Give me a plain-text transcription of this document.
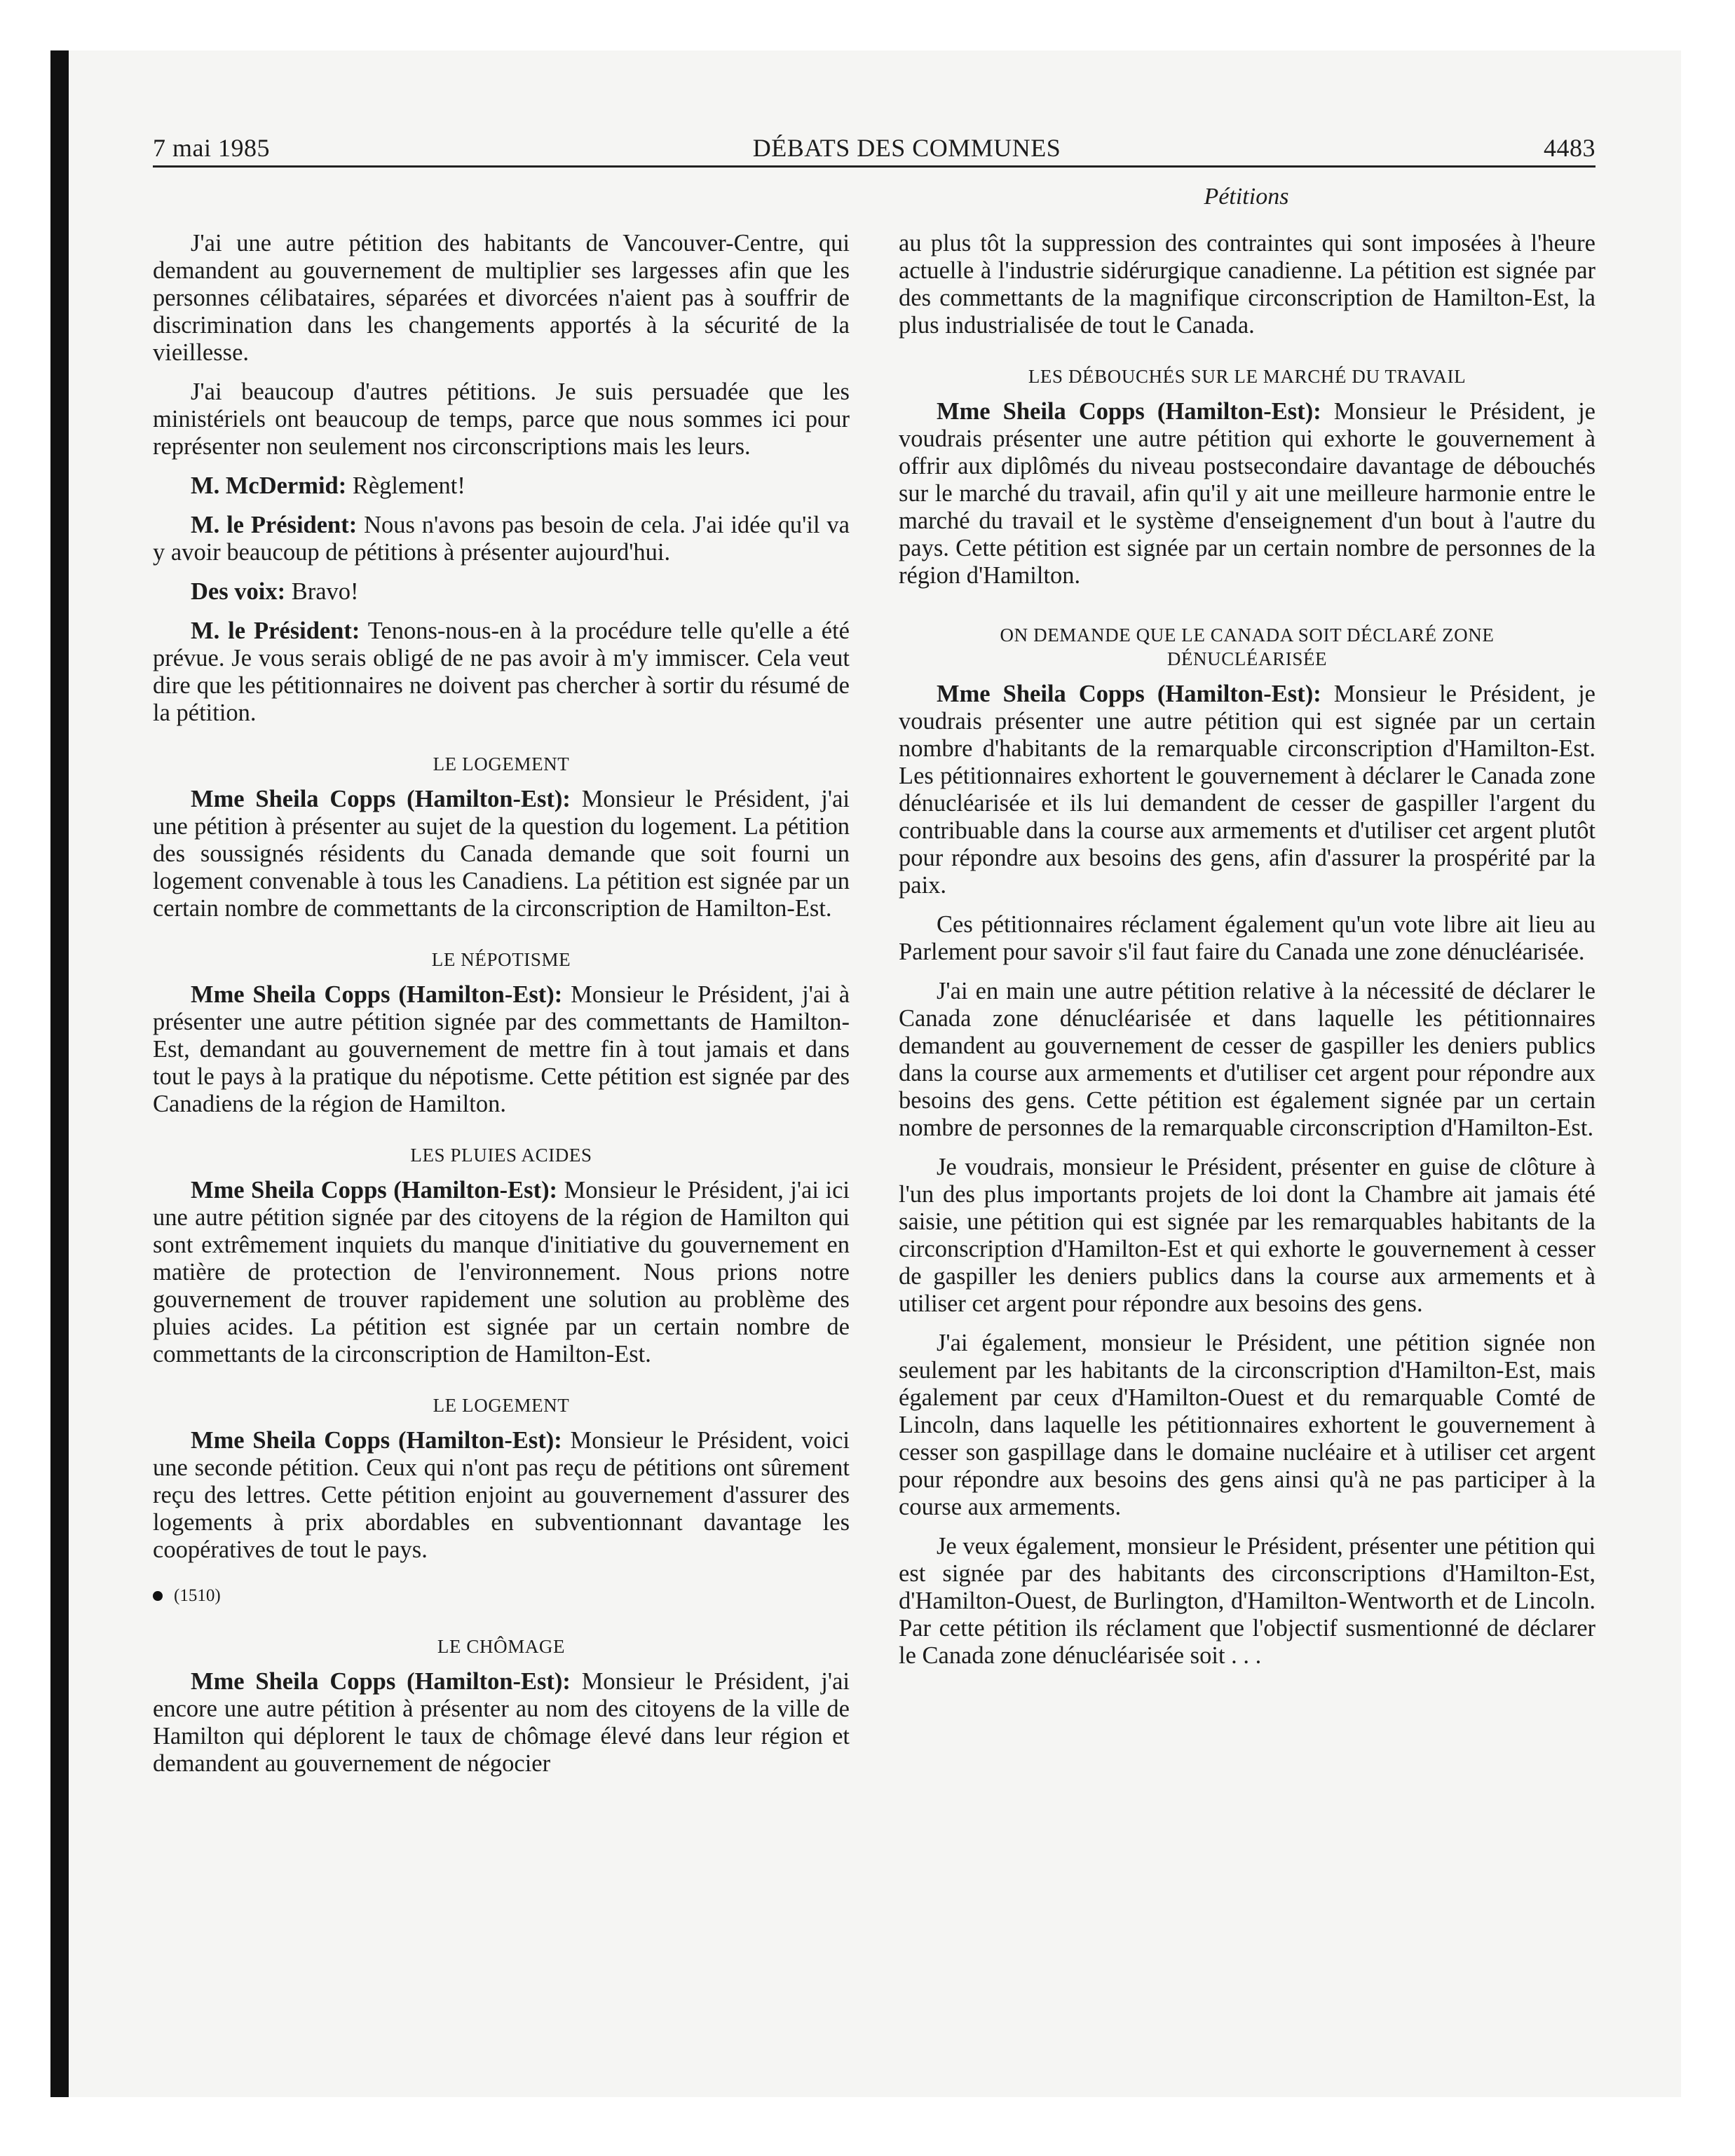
7 mai 1985	DÉBATS DES COMMUNES	4483
Pétitions

J'ai une autre pétition des habitants de Vancouver-Centre, qui demandent au gouvernement de multiplier ses largesses afin que les personnes célibataires, séparées et divorcées n'aient pas à souffrir de discrimination dans les changements apportés à la sécurité de la vieillesse.

J'ai beaucoup d'autres pétitions. Je suis persuadée que les ministériels ont beaucoup de temps, parce que nous sommes ici pour représenter non seulement nos circonscriptions mais les leurs.

M. McDermid: Règlement!

M. le Président: Nous n'avons pas besoin de cela. J'ai idée qu'il va y avoir beaucoup de pétitions à présenter aujourd'hui.

Des voix: Bravo!

M. le Président: Tenons-nous-en à la procédure telle qu'elle a été prévue. Je vous serais obligé de ne pas avoir à m'y immiscer. Cela veut dire que les pétitionnaires ne doivent pas chercher à sortir du résumé de la pétition.

LE LOGEMENT

Mme Sheila Copps (Hamilton-Est): Monsieur le Président, j'ai une pétition à présenter au sujet de la question du logement. La pétition des soussignés résidents du Canada demande que soit fourni un logement convenable à tous les Canadiens. La pétition est signée par un certain nombre de commettants de la circonscription de Hamilton-Est.

LE NÉPOTISME

Mme Sheila Copps (Hamilton-Est): Monsieur le Président, j'ai à présenter une autre pétition signée par des commettants de Hamilton-Est, demandant au gouvernement de mettre fin à tout jamais et dans tout le pays à la pratique du népotisme. Cette pétition est signée par des Canadiens de la région de Hamilton.

LES PLUIES ACIDES

Mme Sheila Copps (Hamilton-Est): Monsieur le Président, j'ai ici une autre pétition signée par des citoyens de la région de Hamilton qui sont extrêmement inquiets du manque d'initiative du gouvernement en matière de protection de l'environnement. Nous prions notre gouvernement de trouver rapidement une solution au problème des pluies acides. La pétition est signée par un certain nombre de commettants de la circonscription de Hamilton-Est.

LE LOGEMENT

Mme Sheila Copps (Hamilton-Est): Monsieur le Président, voici une seconde pétition. Ceux qui n'ont pas reçu de pétitions ont sûrement reçu des lettres. Cette pétition enjoint au gouvernement d'assurer des logements à prix abordables en subventionnant davantage les coopératives de tout le pays.

(1510)
LE CHÔMAGE

Mme Sheila Copps (Hamilton-Est): Monsieur le Président, j'ai encore une autre pétition à présenter au nom des citoyens de la ville de Hamilton qui déplorent le taux de chômage élevé dans leur région et demandent au gouvernement de négocier

au plus tôt la suppression des contraintes qui sont imposées à l'heure actuelle à l'industrie sidérurgique canadienne. La pétition est signée par des commettants de la magnifique circonscription de Hamilton-Est, la plus industrialisée de tout le Canada.

LES DÉBOUCHÉS SUR LE MARCHÉ DU TRAVAIL

Mme Sheila Copps (Hamilton-Est): Monsieur le Président, je voudrais présenter une autre pétition qui exhorte le gouvernement à offrir aux diplômés du niveau postsecondaire davantage de débouchés sur le marché du travail, afin qu'il y ait une meilleure harmonie entre le marché du travail et le système d'enseignement d'un bout à l'autre du pays. Cette pétition est signée par un certain nombre de personnes de la région d'Hamilton.

ON DEMANDE QUE LE CANADA SOIT DÉCLARÉ ZONE
DÉNUCLÉARISÉE

Mme Sheila Copps (Hamilton-Est): Monsieur le Président, je voudrais présenter une autre pétition qui est signée par un certain nombre d'habitants de la remarquable circonscription d'Hamilton-Est. Les pétitionnaires exhortent le gouvernement à déclarer le Canada zone dénucléarisée et ils lui demandent de cesser de gaspiller l'argent du contribuable dans la course aux armements et d'utiliser cet argent plutôt pour répondre aux besoins des gens, afin d'assurer la prospérité par la paix.

Ces pétitionnaires réclament également qu'un vote libre ait lieu au Parlement pour savoir s'il faut faire du Canada une zone dénucléarisée.

J'ai en main une autre pétition relative à la nécessité de déclarer le Canada zone dénucléarisée et dans laquelle les pétitionnaires demandent au gouvernement de cesser de gaspiller les deniers publics dans la course aux armements et d'utiliser cet argent pour répondre aux besoins des gens. Cette pétition est également signée par un certain nombre de personnes de la remarquable circonscription d'Hamilton-Est.

Je voudrais, monsieur le Président, présenter en guise de clôture à l'un des plus importants projets de loi dont la Chambre ait jamais été saisie, une pétition qui est signée par les remarquables habitants de la circonscription d'Hamilton-Est et qui exhorte le gouvernement à cesser de gaspiller les deniers publics dans la course aux armements et à utiliser cet argent pour répondre aux besoins des gens.

J'ai également, monsieur le Président, une pétition signée non seulement par les habitants de la circonscription d'Hamilton-Est, mais également par ceux d'Hamilton-Ouest et du remarquable Comté de Lincoln, dans laquelle les pétitionnaires exhortent le gouvernement à cesser son gaspillage dans le domaine nucléaire et à utiliser cet argent pour répondre aux besoins des gens ainsi qu'à ne pas participer à la course aux armements.

Je veux également, monsieur le Président, présenter une pétition qui est signée par des habitants des circonscriptions d'Hamilton-Est, d'Hamilton-Ouest, de Burlington, d'Hamilton-Wentworth et de Lincoln. Par cette pétition ils réclament que l'objectif susmentionné de déclarer le Canada zone dénucléarisée soit . . .
